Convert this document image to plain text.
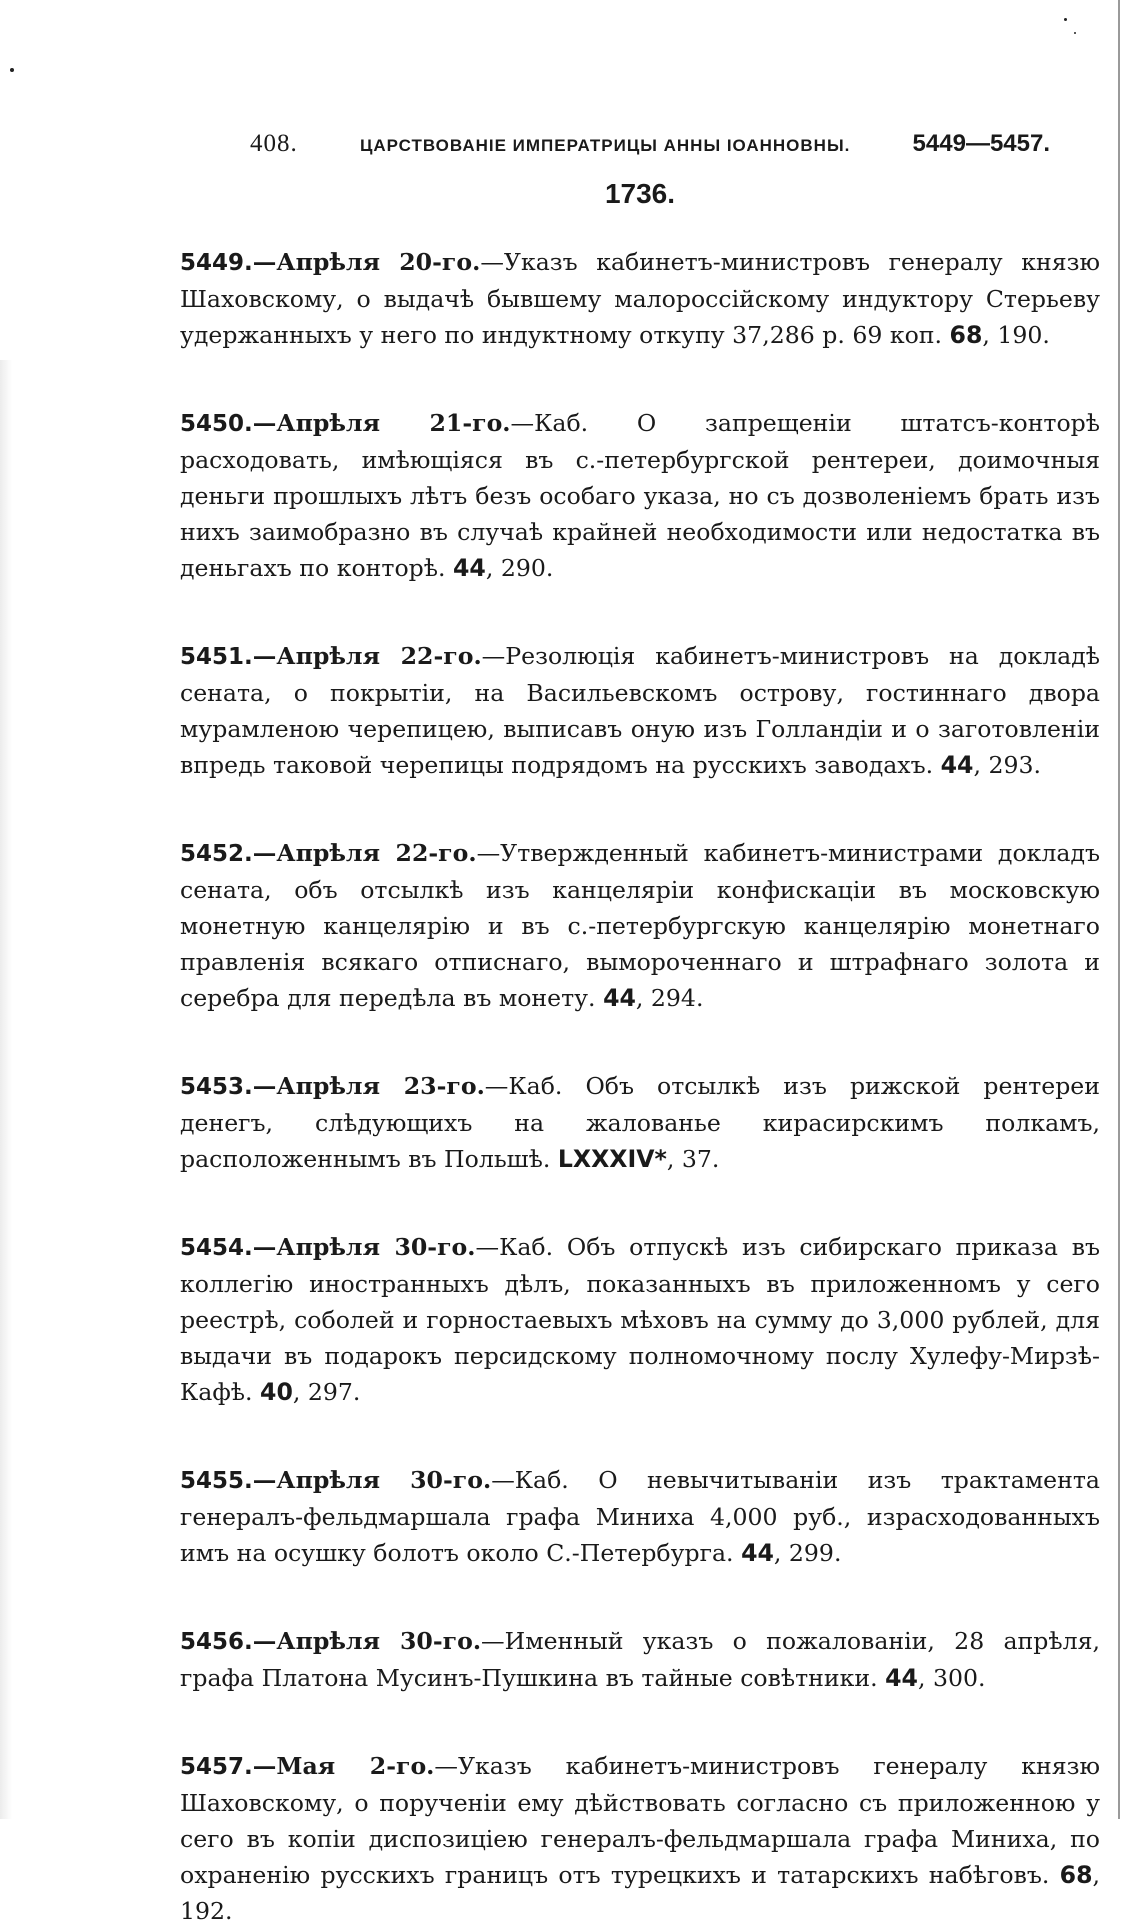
408.	ЦАРСТВОВАНІЕ ИМПЕРАТРИЦЫ АННЫ ІОАННОВНЫ.	5449—5457.
1736.

5449.—Апрѣля 20-го.—Указъ кабинетъ-министровъ генералу князю Шаховскому, о выдачѣ бывшему малороссійскому индуктору Стерьеву удержанныхъ у него по индуктному откупу 37,286 р. 69 коп. 68, 190.

5450.—Апрѣля 21-го.—Каб. О запрещеніи штатсъ-конторѣ расходовать, имѣющіяся въ с.-петербургской рентереи, доимочныя деньги прошлыхъ лѣтъ безъ особаго указа, но съ дозволеніемъ брать изъ нихъ заимобразно въ случаѣ крайней необходимости или недостатка въ деньгахъ по конторѣ. 44, 290.

5451.—Апрѣля 22-го.—Резолюція кабинетъ-министровъ на докладѣ сената, о покрытіи, на Васильевскомъ острову, гостиннаго двора мурамленою черепицею, выписавъ оную изъ Голландіи и о заготовленіи впредь таковой черепицы подрядомъ на русскихъ заводахъ. 44, 293.

5452.—Апрѣля 22-го.—Утвержденный кабинетъ-министрами докладъ сената, объ отсылкѣ изъ канцеляріи конфискаціи въ московскую монетную канцелярію и въ с.-петербургскую канцелярію монетнаго правленія всякаго отписнаго, вымороченнаго и штрафнаго золота и серебра для передѣла въ монету. 44, 294.

5453.—Апрѣля 23-го.—Каб. Объ отсылкѣ изъ рижской рентереи денегъ, слѣдующихъ на жалованье кирасирскимъ полкамъ, расположеннымъ въ Польшѣ. LXXXIV*, 37.

5454.—Апрѣля 30-го.—Каб. Объ отпускѣ изъ сибирскаго приказа въ коллегію иностранныхъ дѣлъ, показанныхъ въ приложенномъ у сего реестрѣ, соболей и горностаевыхъ мѣховъ на сумму до 3,000 рублей, для выдачи въ подарокъ персидскому полномочному послу Хулефу-Мирзѣ-Кафѣ. 40, 297.

5455.—Апрѣля 30-го.—Каб. О невычитываніи изъ трактамента генералъ-фельдмаршала графа Миниха 4,000 руб., израсходованныхъ имъ на осушку болотъ около С.-Петербурга. 44, 299.

5456.—Апрѣля 30-го.—Именный указъ о пожалованіи, 28 апрѣля, графа Платона Мусинъ-Пушкина въ тайные совѣтники. 44, 300.

5457.—Мая 2-го.—Указъ кабинетъ-министровъ генералу князю Шаховскому, о порученіи ему дѣйствовать согласно съ приложенною у сего въ копіи диспозиціею генералъ-фельдмаршала графа Миниха, по охраненію русскихъ границъ отъ турецкихъ и татарскихъ набѣговъ. 68, 192.
